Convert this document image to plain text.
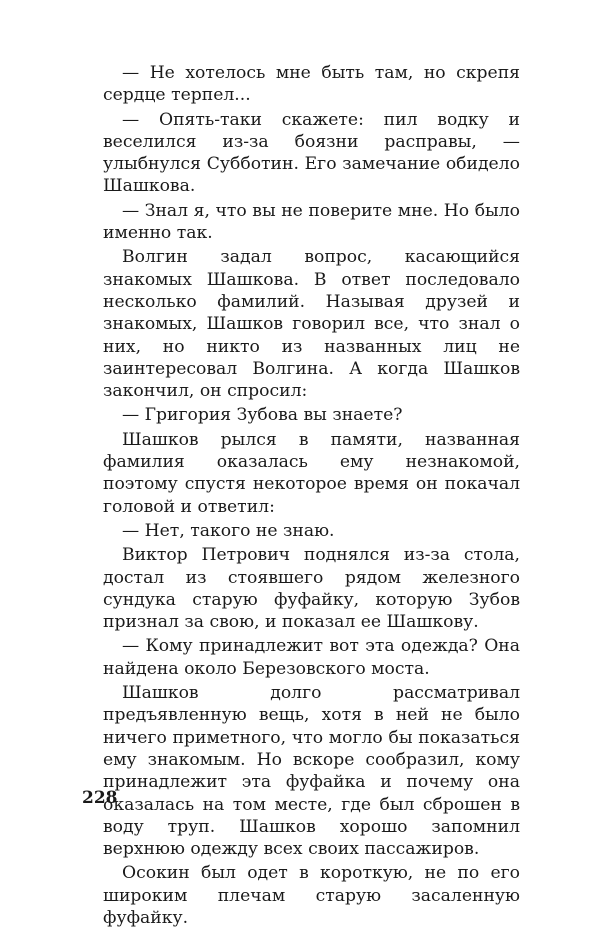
— Не хотелось мне быть там, но скрепя сердце терпел...

— Опять-таки скажете: пил водку и веселился из-за боязни расправы, — улыбнулся Субботин. Его замечание обидело Шашкова.

— Знал я, что вы не поверите мне. Но было именно так.

Волгин задал вопрос, касающийся знакомых Шашкова. В ответ последовало несколько фамилий. Называя друзей и знакомых, Шашков говорил все, что знал о них, но никто из названных лиц не заинтересовал Волгина. А когда Шашков закончил, он спросил:

— Григория Зубова вы знаете?

Шашков рылся в памяти, названная фамилия оказалась ему незнакомой, поэтому спустя некоторое время он покачал головой и ответил:

— Нет, такого не знаю.

Виктор Петрович поднялся из-за стола, достал из стоявшего рядом железного сундука старую фуфайку, которую Зубов признал за свою, и показал ее Шашкову.

— Кому принадлежит вот эта одежда? Она найдена около Березовского моста.

Шашков долго рассматривал предъявленную вещь, хотя в ней не было ничего приметного, что могло бы показаться ему знакомым. Но вскоре сообразил, кому принадлежит эта фуфайка и почему она оказалась на том месте, где был сброшен в воду труп. Шашков хорошо запомнил верхнюю одежду всех своих пассажиров.

Осокин был одет в короткую, не по его широким плечам старую засаленную фуфайку.

228
